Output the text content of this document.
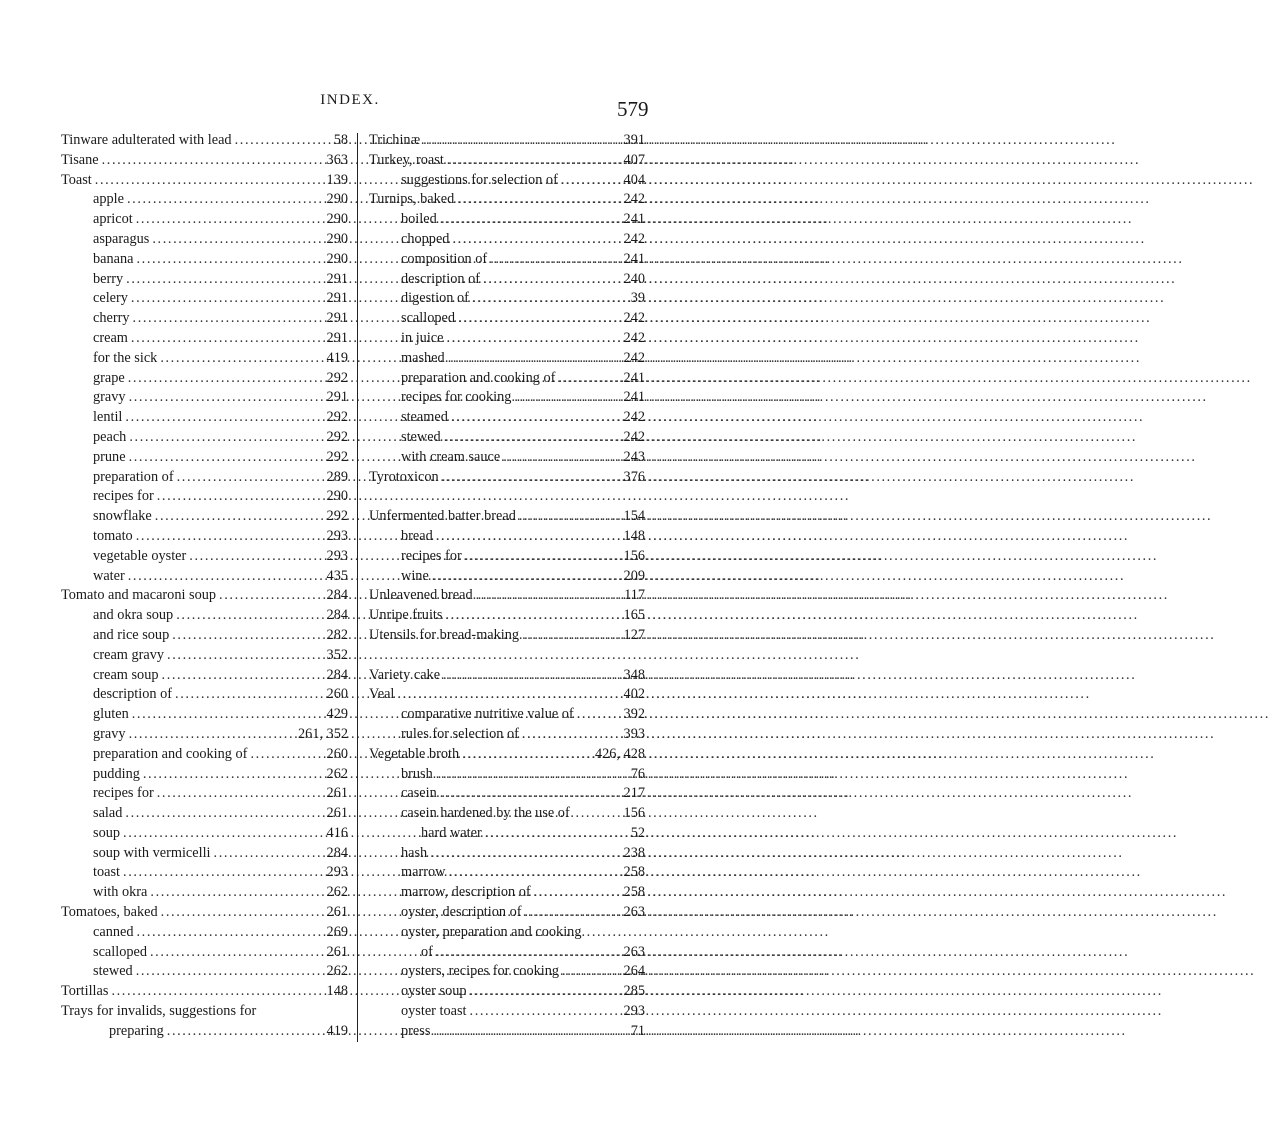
INDEX.	579
Tinware adulterated with lead .....	58
Tisane .....	363
Toast .....	139
apple .....	290
apricot .....	290
asparagus .....	290
banana .....	290
berry .....	291
celery .....	291
cherry .....	291
cream .....	291
for the sick .....	419
grape .....	292
gravy .....	291
lentil .....	292
peach .....	292
prune .....	292
preparation of .....	289
recipes for .....	290
snowflake .....	292
tomato .....	293
vegetable oyster .....	293
water .....	435
Tomato and macaroni soup .....	284
and okra soup .....	284
and rice soup .....	282
cream gravy .....	352
cream soup .....	284
description of .....	260
gluten .....	429
gravy .....	261, 352
preparation and cooking of .....	260
pudding .....	262
recipes for .....	261
salad .....	261
soup .....	416
soup with vermicelli .....	284
toast .....	293
with okra .....	262
Tomatoes, baked .....	261
canned .....	269
scalloped .....	261
stewed .....	262
Tortillas .....	148
Trays for invalids, suggestions for
preparing .....	419
Trichinæ .....	391
Turkey, roast .....	407
suggestions for selection of .....	404
Turnips, baked .....	242
boiled .....	241
chopped .....	242
composition of .....	241
description of .....	240
digestion of .....	39
scalloped .....	242
in juice .....	242
mashed .....	242
preparation and cooking of .....	241
recipes for cooking .....	241
steamed .....	242
stewed .....	242
with cream sauce .....	243
Tyrotoxicon .....	376
Unfermented batter bread .....	154
bread .....	148
recipes for .....	156
wine .....	209
Unleavened bread .....	117
Unripe fruits .....	165
Utensils for bread-making .....	127
Variety cake .....	348
Veal .....	402
comparative nutritive value of .....	392
rules for selection of .....	393
Vegetable broth .....	426, 428
brush .....	76
casein .....	217
casein hardened by the use of	156
hard water .....	52
hash .....	238
marrow .....	258
marrow, description of .....	258
oyster, description of .....	263
oyster, preparation and cooking
of .....	263
oysters, recipes for cooking .....	264
oyster soup .....	285
oyster toast .....	293
press .....	71
